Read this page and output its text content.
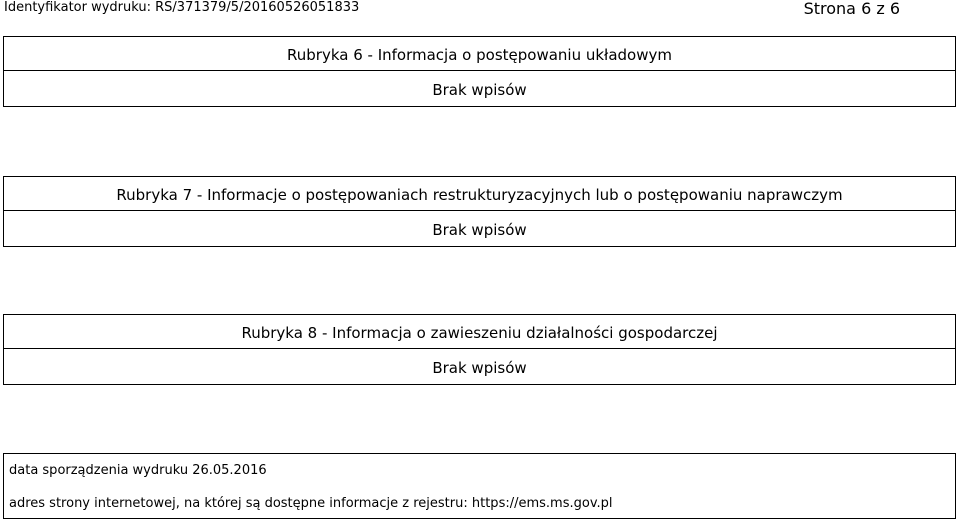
Identyfikator wydruku: RS/371379/5/20160526051833	Strona 6 z 6
Rubryka 6 - Informacja o postępowaniu układowym
Brak wpisów
Rubryka 7 - Informacje o postępowaniach restrukturyzacyjnych lub o postępowaniu naprawczym
Brak wpisów
Rubryka 8 - Informacja o zawieszeniu działalności gospodarczej
Brak wpisów
data sporządzenia wydruku 26.05.2016
adres strony internetowej, na której są dostępne informacje z rejestru: https://ems.ms.gov.pl
